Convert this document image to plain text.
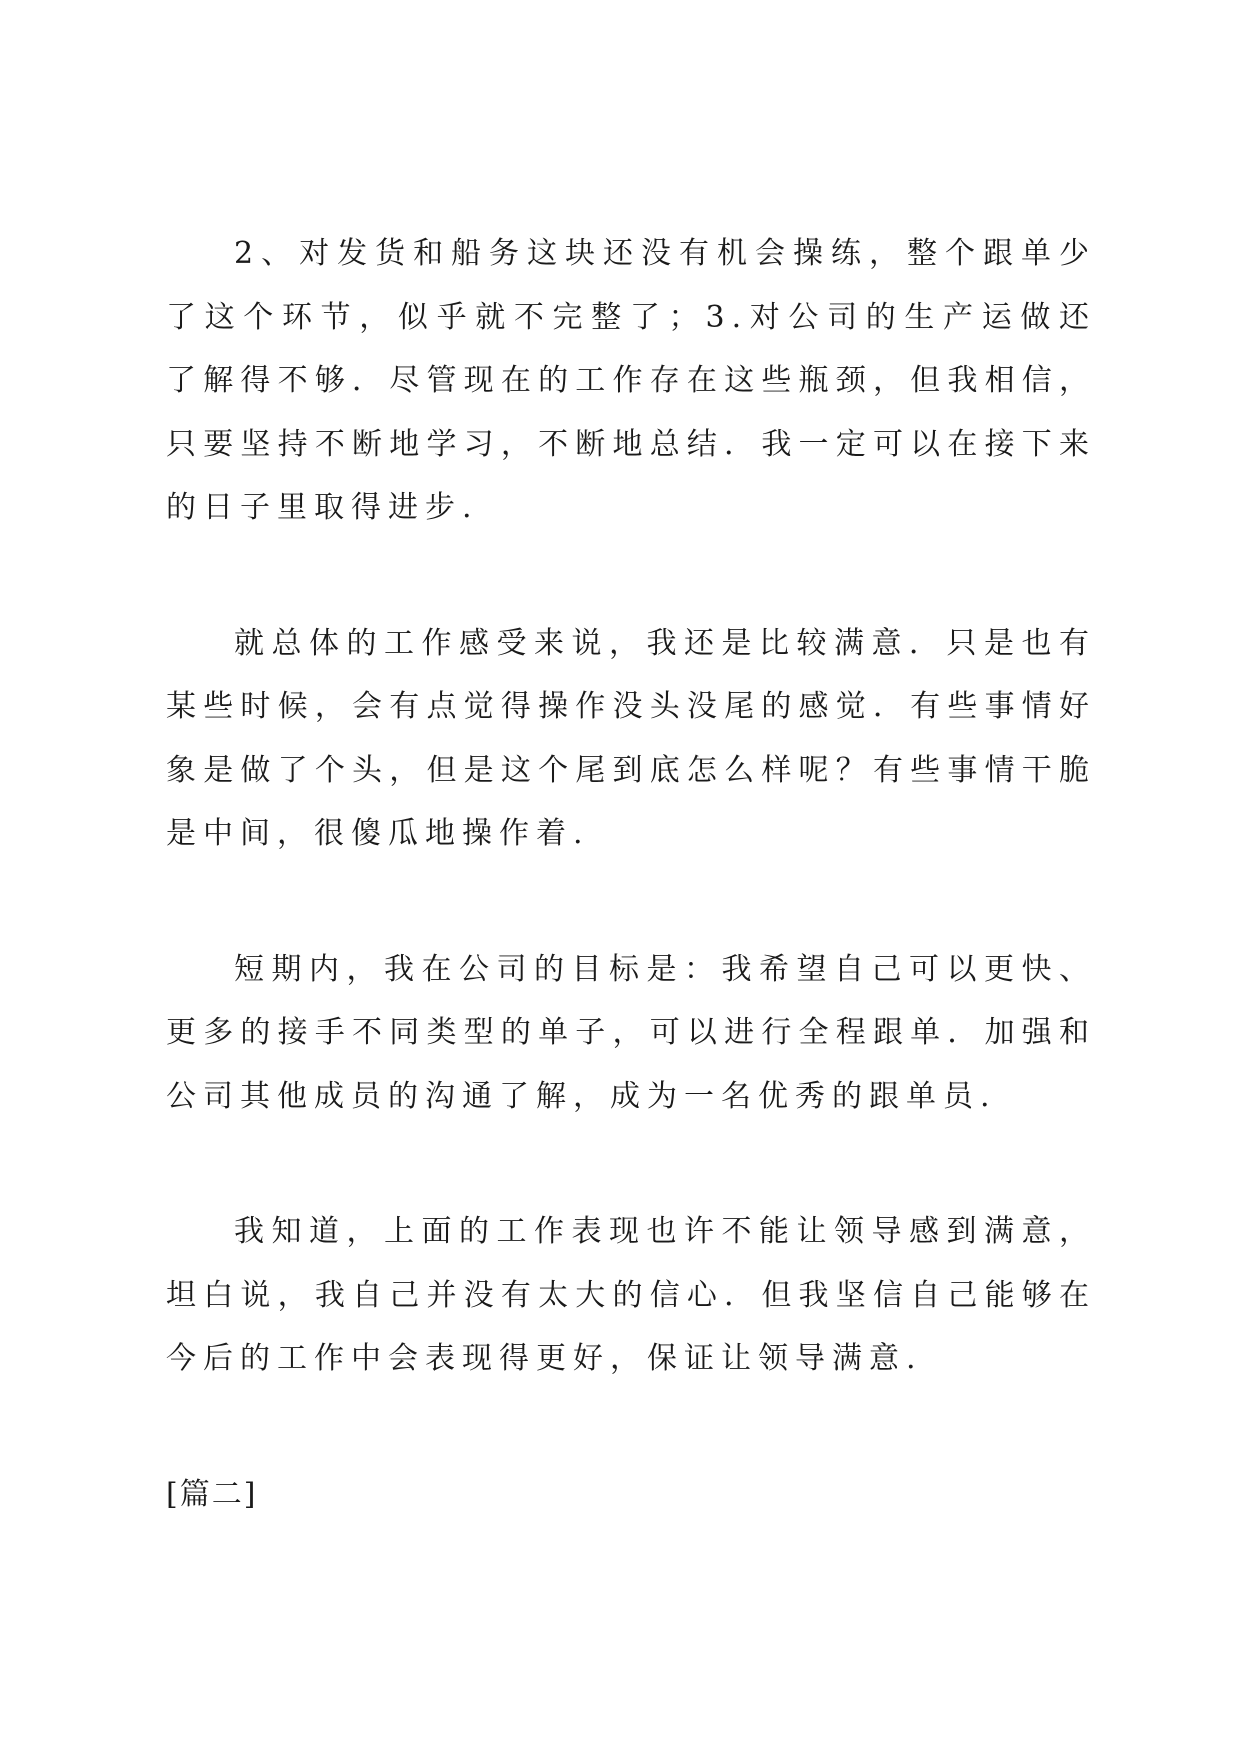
2、对发货和船务这块还没有机会操练，整个跟单少了这个环节，似乎就不完整了；3.对公司的生产运做还了解得不够．尽管现在的工作存在这些瓶颈，但我相信，只要坚持不断地学习，不断地总结．我一定可以在接下来的日子里取得进步.

就总体的工作感受来说，我还是比较满意．只是也有某些时候，会有点觉得操作没头没尾的感觉．有些事情好象是做了个头，但是这个尾到底怎么样呢？有些事情干脆是中间，很傻瓜地操作着.

短期内，我在公司的目标是：我希望自己可以更快、更多的接手不同类型的单子，可以进行全程跟单．加强和公司其他成员的沟通了解，成为一名优秀的跟单员.

我知道，上面的工作表现也许不能让领导感到满意，坦白说，我自己并没有太大的信心．但我坚信自己能够在今后的工作中会表现得更好，保证让领导满意.

[篇二]
